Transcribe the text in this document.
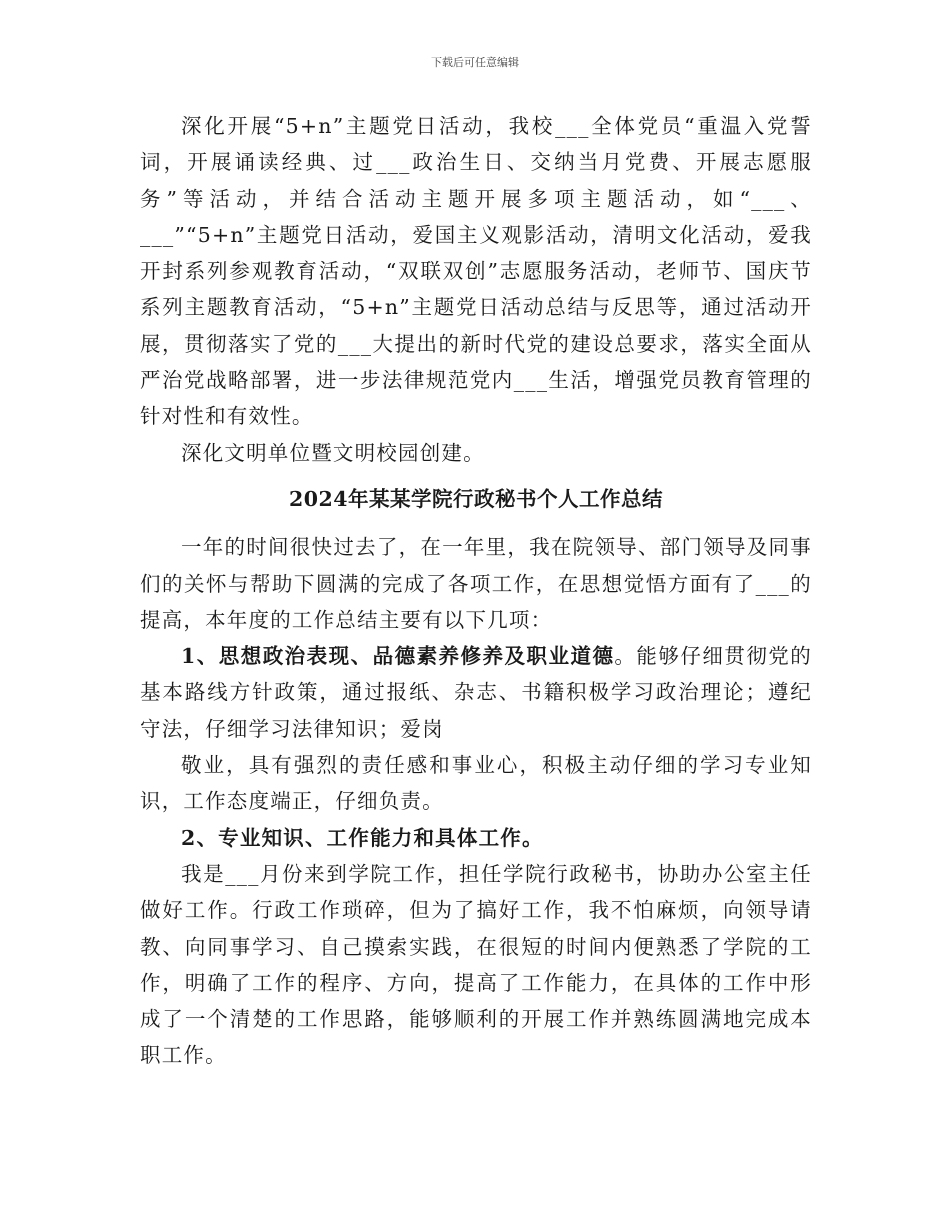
下载后可任意编辑

深化开展“5+n”主题党日活动，我校___全体党员“重温入党誓词，开展诵读经典、过___政治生日、交纳当月党费、开展志愿服务”等活动，并结合活动主题开展多项主题活动，如“___、___”“5+n”主题党日活动，爱国主义观影活动，清明文化活动，爱我开封系列参观教育活动，“双联双创”志愿服务活动，老师节、国庆节系列主题教育活动，“5+n”主题党日活动总结与反思等，通过活动开展，贯彻落实了党的___大提出的新时代党的建设总要求，落实全面从严治党战略部署，进一步法律规范党内___生活，增强党员教育管理的针对性和有效性。

深化文明单位暨文明校园创建。

2024年某某学院行政秘书个人工作总结

一年的时间很快过去了，在一年里，我在院领导、部门领导及同事们的关怀与帮助下圆满的完成了各项工作，在思想觉悟方面有了___的提高，本年度的工作总结主要有以下几项：

1、思想政治表现、品德素养修养及职业道德。能够仔细贯彻党的基本路线方针政策，通过报纸、杂志、书籍积极学习政治理论；遵纪守法，仔细学习法律知识；爱岗

敬业，具有强烈的责任感和事业心，积极主动仔细的学习专业知识，工作态度端正，仔细负责。

2、专业知识、工作能力和具体工作。

我是___月份来到学院工作，担任学院行政秘书，协助办公室主任做好工作。行政工作琐碎，但为了搞好工作，我不怕麻烦，向领导请教、向同事学习、自己摸索实践，在很短的时间内便熟悉了学院的工作，明确了工作的程序、方向，提高了工作能力，在具体的工作中形成了一个清楚的工作思路，能够顺利的开展工作并熟练圆满地完成本职工作。
